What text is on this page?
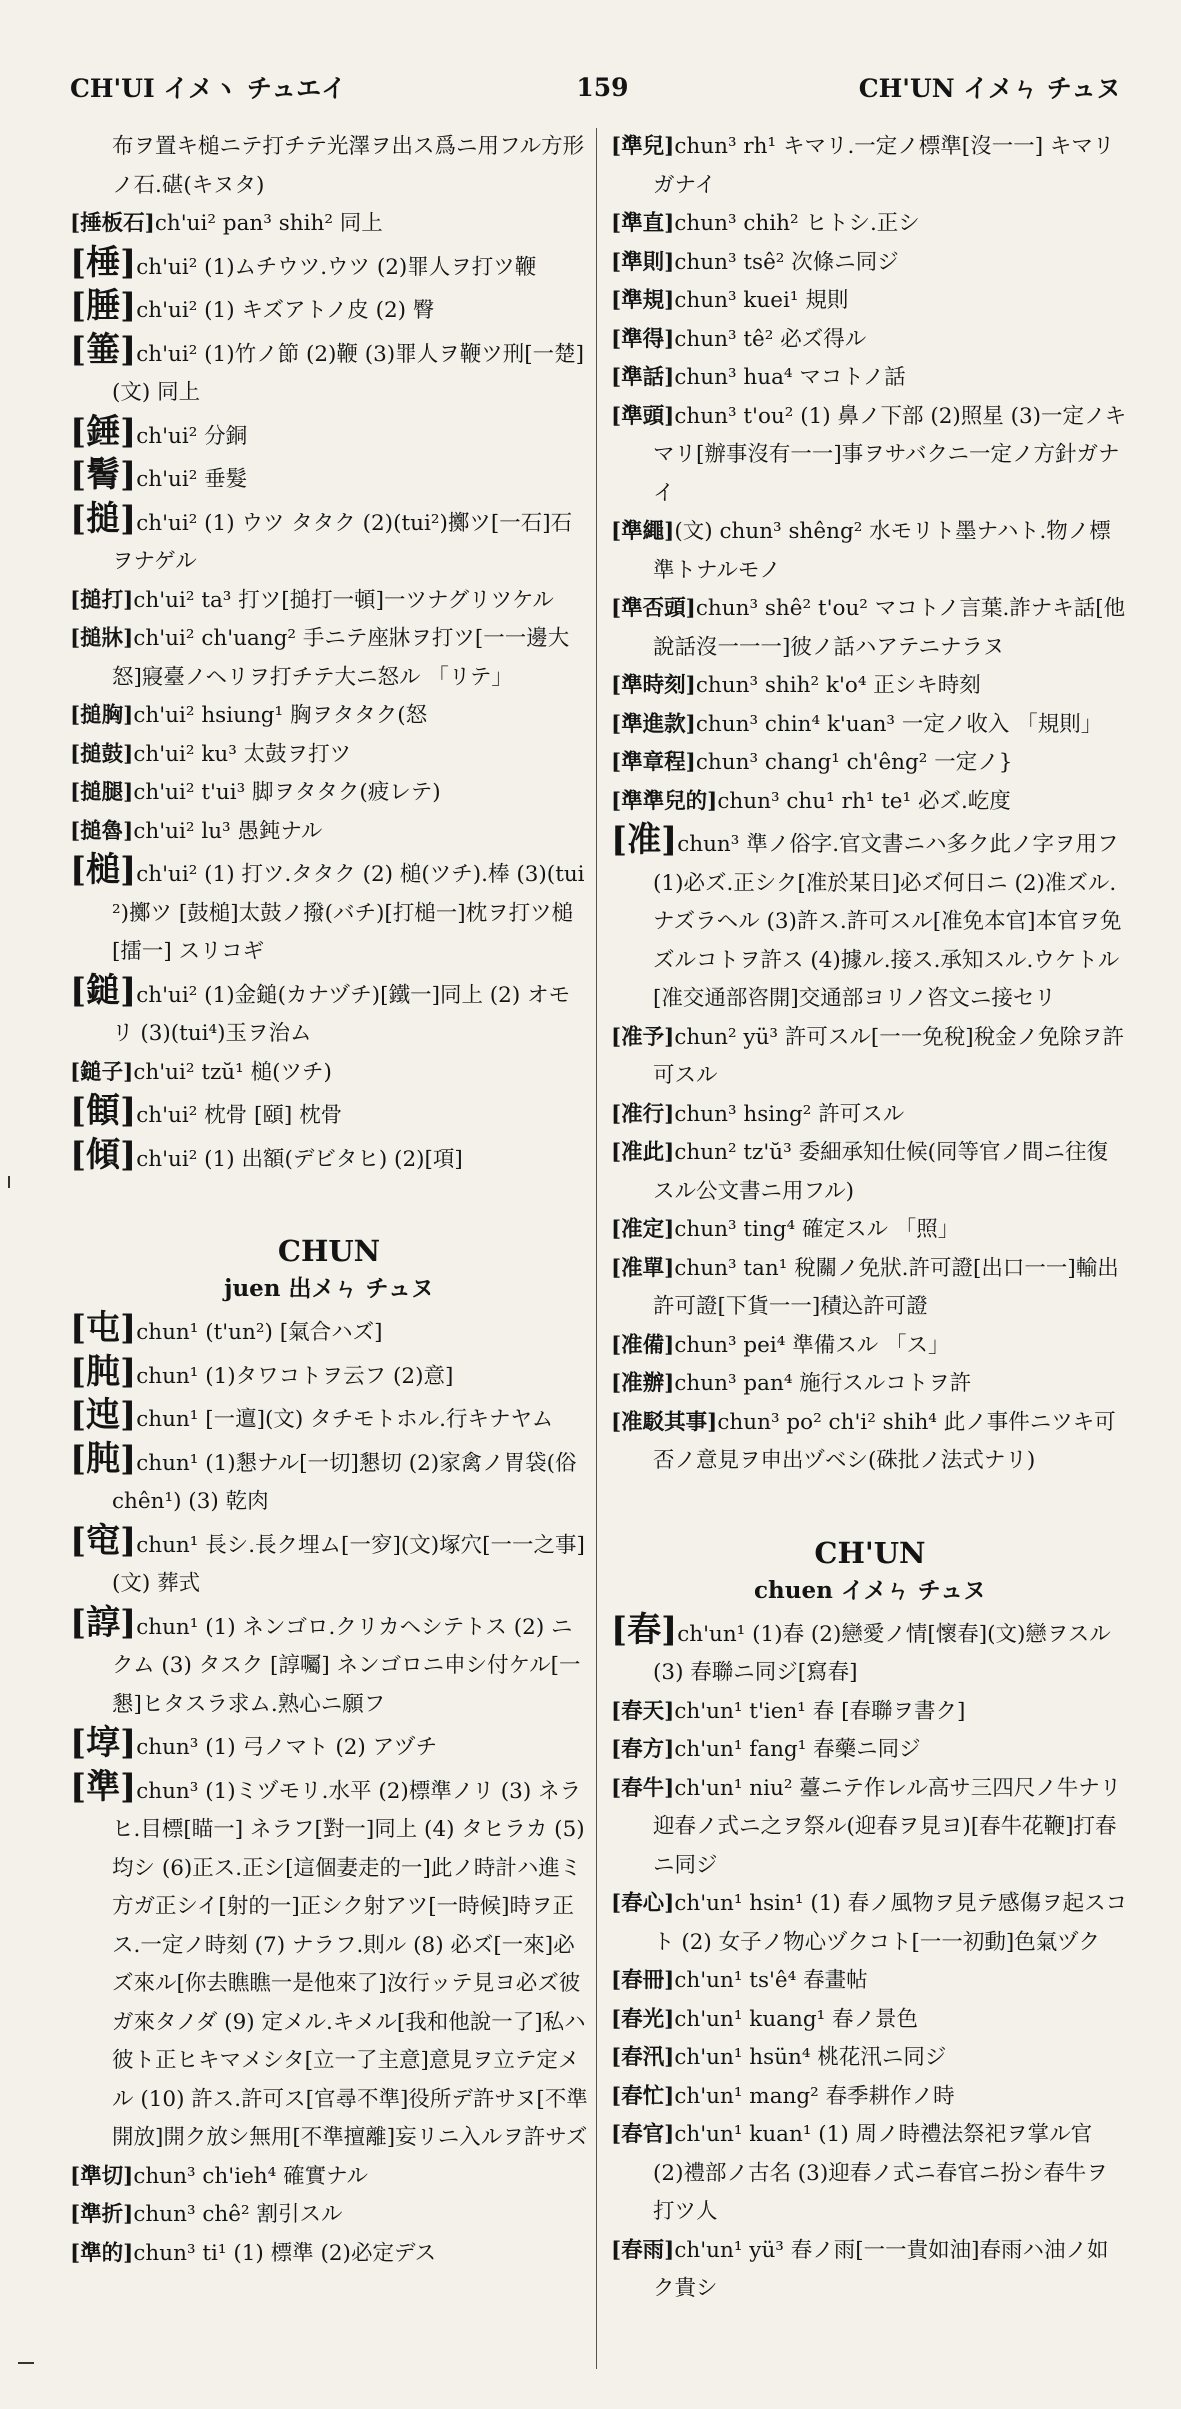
CH'UI イメヽ チュエイ	159	CH'UN イメㄣ チュヌ
布ヲ置キ槌ニテ打チテ光澤ヲ出ス爲ニ用フル方形ノ石.碪(キヌタ)
[捶板石]ch'ui² pan³ shih² 同上
[棰]ch'ui² (1)ムチウツ.ウツ (2)罪人ヲ打ツ鞭
[腄]ch'ui² (1) キズアトノ皮 (2) 臀
[箠]ch'ui² (1)竹ノ節 (2)鞭 (3)罪人ヲ鞭ツ刑[一楚](文) 同上
[錘]ch'ui² 分銅
[鬌]ch'ui² 垂髮
[搥]ch'ui² (1) ウツ タタク (2)(tui²)擲ツ[一石]石ヲナゲル
[搥打]ch'ui² ta³ 打ツ[搥打一頓]一ツナグリツケル
[搥牀]ch'ui² ch'uang² 手ニテ座牀ヲ打ツ[一一邊大怒]寢臺ノヘリヲ打チテ大ニ怒ル 「リテ」
[搥胸]ch'ui² hsiung¹ 胸ヲタタク(怒
[搥鼓]ch'ui² ku³ 太鼓ヲ打ツ
[搥腿]ch'ui² t'ui³ 脚ヲタタク(疲レテ)
[搥魯]ch'ui² lu³ 愚鈍ナル
[槌]ch'ui² (1) 打ツ.タタク (2) 槌(ツチ).棒 (3)(tui²)擲ツ [鼓槌]太鼓ノ撥(バチ)[打槌一]枕ヲ打ツ槌[擂一] スリコギ
[鎚]ch'ui² (1)金鎚(カナヅチ)[鐵一]同上 (2) オモリ (3)(tui⁴)玉ヲ治ム
[鎚子]ch'ui² tzŭ¹ 槌(ツチ)
[顀]ch'ui² 枕骨 [頤] 枕骨
[傾]ch'ui² (1) 出額(デビタヒ) (2)[項]
CHUN
juen 出メㄣ チュヌ
[屯]chun¹ (t'un²) [氣合ハズ]
[肫]chun¹ (1)タワコトヲ云フ (2)意]
[迍]chun¹ [一邅](文) タチモトホル.行キナヤム
[肫]chun¹ (1)懇ナル[一切]懇切 (2)家禽ノ胃袋(俗 chên¹) (3) 乾肉
[窀]chun¹ 長シ.長ク埋ム[一穸](文)塚穴[一一之事](文) 葬式
[諄]chun¹ (1) ネンゴロ.クリカヘシテトス (2) ニクム (3) タスク [諄囑] ネンゴロニ申シ付ケル[一懇]ヒタスラ求ム.熟心ニ願フ
[埻]chun³ (1) 弓ノマト (2) アヅチ
[準]chun³ (1)ミヅモリ.水平 (2)標準ノリ (3) ネラヒ.目標[瞄一] ネラフ[對一]同上 (4) タヒラカ (5)均シ (6)正ス.正シ[這個妻走的一]此ノ時計ハ進ミ方ガ正シイ[射的一]正シク射アツ[一時候]時ヲ正ス.一定ノ時刻 (7) ナラフ.則ル (8) 必ズ[一來]必ズ來ル[你去瞧瞧一是他來了]汝行ッテ見ヨ必ズ彼ガ來タノダ (9) 定メル.キメル[我和他說一了]私ハ彼ト正ヒキマメシタ[立一了主意]意見ヲ立テ定メル (10) 許ス.許可ス[官尋不準]役所デ許サヌ[不準開放]開ク放シ無用[不準擅離]妄リニ入ルヲ許サズ
[準切]chun³ ch'ieh⁴ 確實ナル
[準折]chun³ chê² 割引スル
[準的]chun³ ti¹ (1) 標準 (2)必定デス
[準兒]chun³ rh¹ キマリ.一定ノ標準[沒一一] キマリガナイ
[準直]chun³ chih² ヒトシ.正シ
[準則]chun³ tsê² 次條ニ同ジ
[準規]chun³ kuei¹ 規則
[準得]chun³ tê² 必ズ得ル
[準話]chun³ hua⁴ マコトノ話
[準頭]chun³ t'ou² (1) 鼻ノ下部 (2)照星 (3)一定ノキマリ[辦事沒有一一]事ヲサバクニ一定ノ方針ガナイ
[準繩](文) chun³ shêng² 水モリト墨ナハト.物ノ標準トナルモノ
[準否頭]chun³ shê² t'ou² マコトノ言葉.詐ナキ話[他說話沒一一一]彼ノ話ハアテニナラヌ
[準時刻]chun³ shih² k'o⁴ 正シキ時刻
[準進款]chun³ chin⁴ k'uan³ 一定ノ收入 「規則」
[準章程]chun³ chang¹ ch'êng² 一定ノ}
[準準兒的]chun³ chu¹ rh¹ te¹ 必ズ.屹度
[准]chun³ 準ノ俗字.官文書ニハ多ク此ノ字ヲ用フ (1)必ズ.正シク[准於某日]必ズ何日ニ (2)准ズル.ナズラヘル (3)許ス.許可スル[准免本官]本官ヲ免ズルコトヲ許ス (4)據ル.接ス.承知スル.ウケトル[准交通部咨開]交通部ヨリノ咨文ニ接セリ
[准予]chun² yü³ 許可スル[一一免稅]稅金ノ免除ヲ許可スル
[准行]chun³ hsing² 許可スル
[准此]chun² tz'ŭ³ 委細承知仕候(同等官ノ間ニ往復スル公文書ニ用フル)
[准定]chun³ ting⁴ 確定スル 「照」
[准單]chun³ tan¹ 稅關ノ免狀.許可證[出口一一]輸出許可證[下貨一一]積込許可證
[准備]chun³ pei⁴ 準備スル 「ス」
[准辦]chun³ pan⁴ 施行スルコトヲ許
[准駁其事]chun³ po² ch'i² shih⁴ 此ノ事件ニツキ可否ノ意見ヲ申出ヅベシ(硃批ノ法式ナリ)
CH'UN
chuen イメㄣ チュヌ
[春]ch'un¹ (1)春 (2)戀愛ノ情[懷春](文)戀ヲスル (3) 春聯ニ同ジ[寫春]
[春天]ch'un¹ t'ien¹ 春 [春聯ヲ書ク]
[春方]ch'un¹ fang¹ 春藥ニ同ジ
[春牛]ch'un¹ niu² 薹ニテ作レル高サ三四尺ノ牛ナリ迎春ノ式ニ之ヲ祭ル(迎春ヲ見ヨ)[春牛花鞭]打春ニ同ジ
[春心]ch'un¹ hsin¹ (1) 春ノ風物ヲ見テ感傷ヲ起スコト (2) 女子ノ物心ヅクコト[一一初動]色氣ヅク
[春冊]ch'un¹ ts'ê⁴ 春畫帖
[春光]ch'un¹ kuang¹ 春ノ景色
[春汛]ch'un¹ hsün⁴ 桃花汛ニ同ジ
[春忙]ch'un¹ mang² 春季耕作ノ時
[春官]ch'un¹ kuan¹ (1) 周ノ時禮法祭祀ヲ掌ル官 (2)禮部ノ古名 (3)迎春ノ式ニ春官ニ扮シ春牛ヲ打ツ人
[春雨]ch'un¹ yü³ 春ノ雨[一一貴如油]春雨ハ油ノ如ク貴シ
